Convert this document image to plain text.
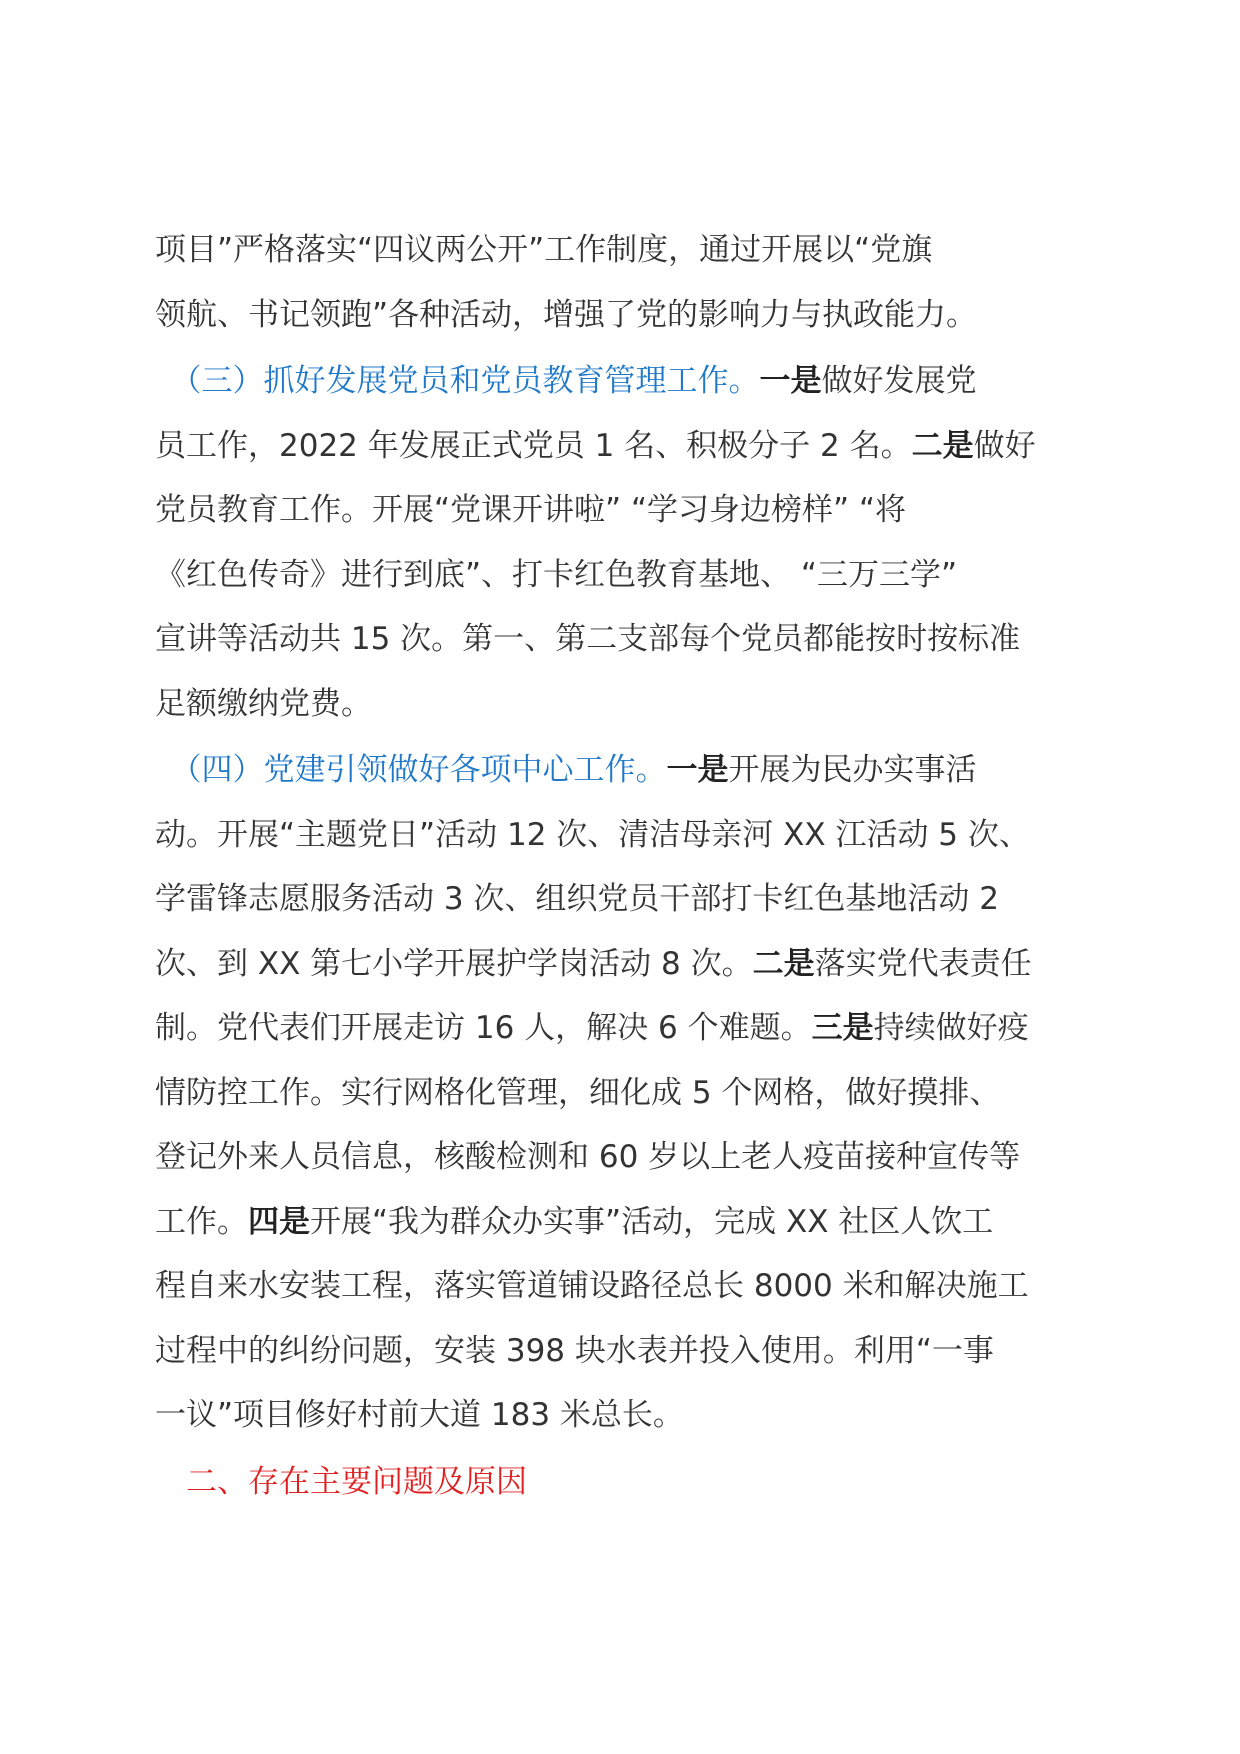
项目”严格落实“四议两公开”工作制度，通过开展以“党旗
领航、书记领跑”各种活动，增强了党的影响力与执政能力。
　（三）抓好发展党员和党员教育管理工作。一是做好发展党
员工作，2022 年发展正式党员 1 名、积极分子 2 名。二是做好
党员教育工作。开展“党课开讲啦” “学习身边榜样” “将
《红色传奇》进行到底”、打卡红色教育基地、 “三万三学”
宣讲等活动共 15 次。第一、第二支部每个党员都能按时按标准
足额缴纳党费。
　（四）党建引领做好各项中心工作。一是开展为民办实事活
动。开展“主题党日”活动 12 次、清洁母亲河 XX 江活动 5 次、
学雷锋志愿服务活动 3 次、组织党员干部打卡红色基地活动 2
次、到 XX 第七小学开展护学岗活动 8 次。二是落实党代表责任
制。党代表们开展走访 16 人，解决 6 个难题。三是持续做好疫
情防控工作。实行网格化管理，细化成 5 个网格，做好摸排、
登记外来人员信息，核酸检测和 60 岁以上老人疫苗接种宣传等
工作。四是开展“我为群众办实事”活动，完成 XX 社区人饮工
程自来水安装工程，落实管道铺设路径总长 8000 米和解决施工
过程中的纠纷问题，安装 398 块水表并投入使用。利用“一事
一议”项目修好村前大道 183 米总长。
　二、存在主要问题及原因
